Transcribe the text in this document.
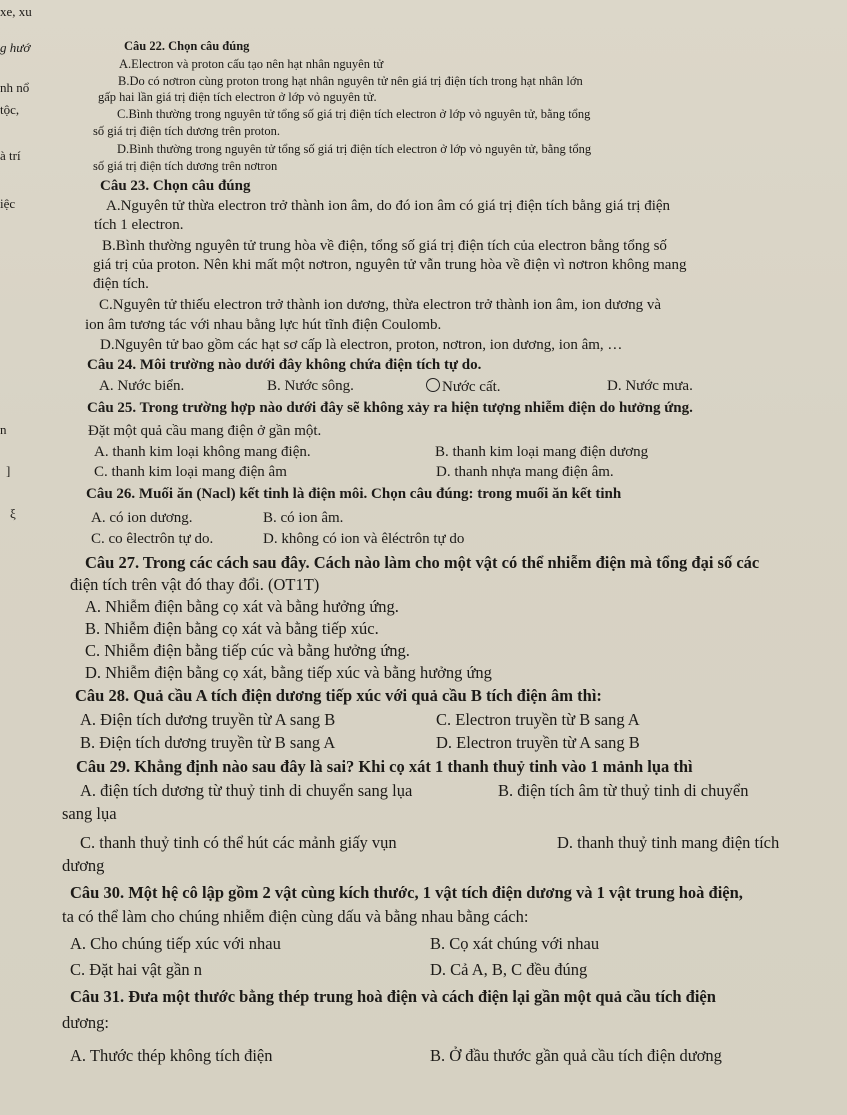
xe, xu
g hướ
nh nổ
tộc,
à trí
iệc
n
]
ξ
Câu 22. Chọn câu đúng
A.Electron và proton cấu tạo nên hạt nhân nguyên tử
B.Do có nơtron cùng proton trong hạt nhân nguyên tử nên giá trị điện tích trong hạt nhân lớn
gấp hai lần giá trị điện tích electron ở lớp vỏ nguyên tử.
C.Bình thường trong nguyên tử tổng số giá trị điện tích electron ở lớp vỏ nguyên tử, bằng tổng
số giá trị điện tích dương trên proton.
D.Bình thường trong nguyên tử tổng số giá trị điện tích electron ở lớp vỏ nguyên tử, bằng tổng
số giá trị điện tích dương trên nơtron
Câu 23. Chọn câu đúng
A.Nguyên tử thừa electron trở thành ion âm, do đó ion âm có giá trị điện tích bằng giá trị điện
tích 1 electron.
B.Bình thường nguyên tử trung hòa về điện, tổng số giá trị điện tích của electron bằng tổng số
giá trị của proton. Nên khi mất một nơtron, nguyên tử vẫn trung hòa về điện vì nơtron không mang
điện tích.
C.Nguyên tử thiếu electron trở thành ion dương, thừa electron trở thành ion âm, ion dương và
ion âm tương tác với nhau bằng lực hút tĩnh điện Coulomb.
D.Nguyên tử bao gồm các hạt sơ cấp là electron, proton, nơtron, ion dương, ion âm, …
Câu 24. Môi trường nào dưới đây không chứa điện tích tự do.
A. Nước biển.	B. Nước sông.	Nước cất.	D. Nước mưa.
Câu 25. Trong trường hợp nào dưới đây sẽ không xảy ra hiện tượng nhiễm điện do hưởng ứng.
Đặt một quả cầu mang điện ở gần một.
A. thanh kim loại không mang điện.	B. thanh kim loại mang điện dương
C. thanh kim loại mang điện âm	D. thanh nhựa mang điện âm.
Câu 26. Muối ăn (Nacl) kết tinh là điện môi. Chọn câu đúng: trong muối ăn kết tinh
A. có ion dương.	B. có ion âm.
C. co êlectrôn tự do.	D. không có ion và êléctrôn tự do
Câu 27. Trong các cách sau đây. Cách nào làm cho một vật có thể nhiễm điện mà tổng đại số các
điện tích trên vật đó thay đổi. (OT1T)
A. Nhiễm điện bằng cọ xát và bằng hưởng ứng.
B. Nhiễm điện bằng cọ xát và bằng tiếp xúc.
C. Nhiễm điện bằng tiếp cúc và bằng hưởng ứng.
D. Nhiễm điện bằng cọ xát, bằng tiếp xúc và bằng hưởng ứng
Câu 28. Quả cầu A tích điện dương tiếp xúc với quả cầu B tích điện âm thì:
A. Điện tích dương truyền từ A sang B	C. Electron truyền từ B sang A
B. Điện tích dương truyền từ B sang A	D. Electron truyền từ A sang B
Câu 29. Khẳng định nào sau đây là sai? Khi cọ xát 1 thanh thuỷ tinh vào 1 mảnh lụa thì
A. điện tích dương từ thuỷ tinh di chuyển sang lụa	B. điện tích âm từ thuỷ tinh di chuyển
sang lụa
C. thanh thuỷ tinh có thể hút các mảnh giấy vụn	D. thanh thuỷ tinh mang điện tích
dương
Câu 30. Một hệ cô lập gồm 2 vật cùng kích thước, 1 vật tích điện dương và 1 vật trung hoà điện,
ta có thể làm cho chúng nhiễm điện cùng dấu và bằng nhau bằng cách:
A. Cho chúng tiếp xúc với nhau	B. Cọ xát chúng với nhau
C. Đặt hai vật gần n	D. Cả A, B, C đều đúng
Câu 31. Đưa một thước bằng thép trung hoà điện và cách điện lại gần một quả cầu tích điện
dương:
A. Thước thép không tích điện	B. Ở đầu thước gần quả cầu tích điện dương
